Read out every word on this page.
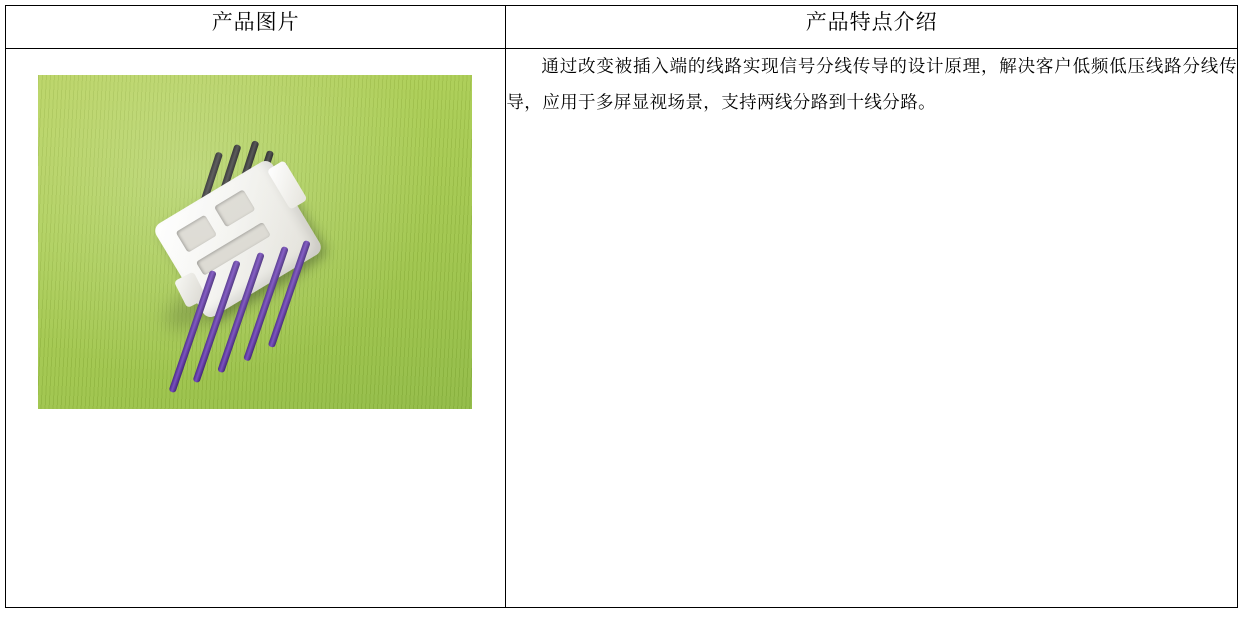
产品图片	产品特点介绍

	通过改变被插入端的线路实现信号分线传导的设计原理，解决客户低频低压线路分线传 导，应用于多屏显视场景，支持两线分路到十线分路。
